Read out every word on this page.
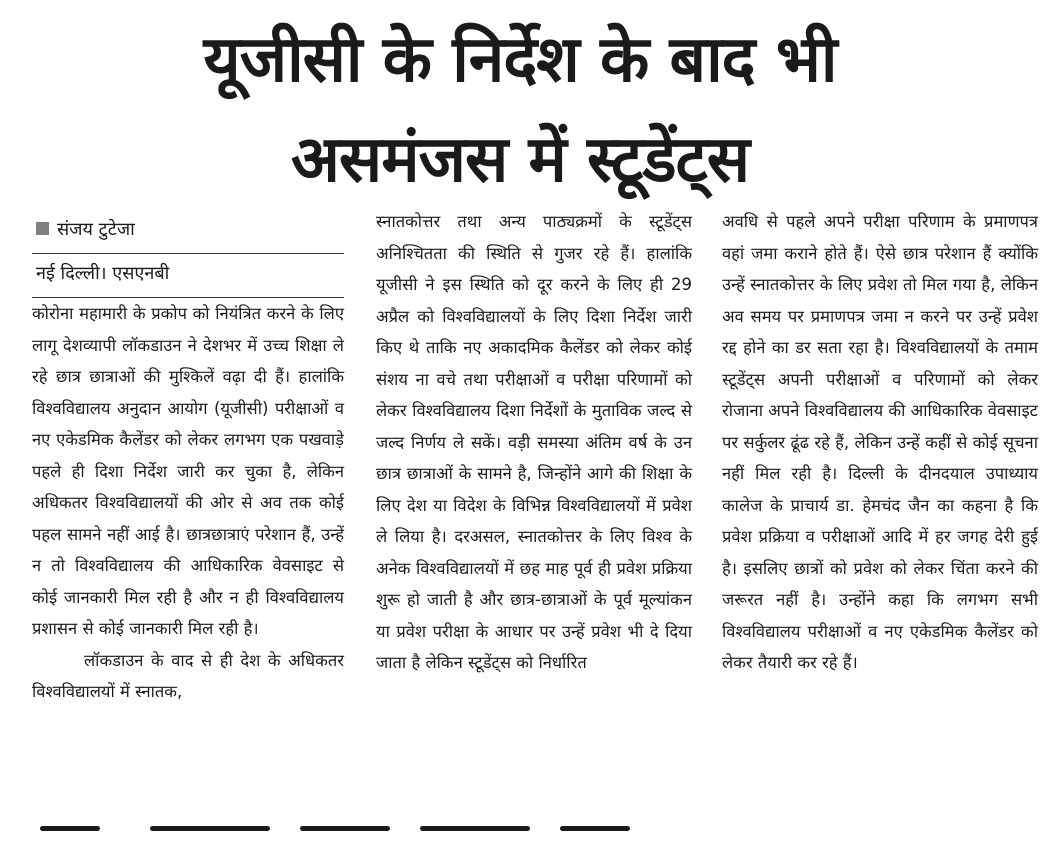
यूजीसी के निर्देश के बाद भी
असमंजस में स्टूडेंट्स
संजय टुटेजा
नई दिल्ली। एसएनबी

कोरोना महामारी के प्रकोप को नियंत्रित करने के लिए लागू देशव्यापी लॉकडाउन ने देशभर में उच्च शिक्षा ले रहे छात्र छात्राओं की मुश्किलें वढ़ा दी हैं। हालांकि विश्वविद्यालय अनुदान आयोग (यूजीसी) परीक्षाओं व नए एकेडमिक कैलेंडर को लेकर लगभग एक पखवाड़े पहले ही दिशा निर्देश जारी कर चुका है, लेकिन अधिकतर विश्वविद्यालयों की ओर से अव तक कोई पहल सामने नहीं आई है। छात्रछात्राएं परेशान हैं, उन्हें न तो विश्वविद्यालय की आधिकारिक वेवसाइट से कोई जानकारी मिल रही है और न ही विश्वविद्यालय प्रशासन से कोई जानकारी मिल रही है।

लॉकडाउन के वाद से ही देश के अधिकतर विश्वविद्यालयों में स्नातक,

स्नातकोत्तर तथा अन्य पाठ्यक्रमों के स्टूडेंट्स अनिश्चितता की स्थिति से गुजर रहे हैं। हालांकि यूजीसी ने इस स्थिति को दूर करने के लिए ही 29 अप्रैल को विश्वविद्यालयों के लिए दिशा निर्देश जारी किए थे ताकि नए अकादमिक कैलेंडर को लेकर कोई संशय ना वचे तथा परीक्षाओं व परीक्षा परिणामों को लेकर विश्वविद्यालय दिशा निर्देशों के मुताविक जल्द से जल्द निर्णय ले सकें। वड़ी समस्या अंतिम वर्ष के उन छात्र छात्राओं के सामने है, जिन्होंने आगे की शिक्षा के लिए देश या विदेश के विभिन्न विश्वविद्यालयों में प्रवेश ले लिया है। दरअसल, स्नातकोत्तर के लिए विश्व के अनेक विश्वविद्यालयों में छह माह पूर्व ही प्रवेश प्रक्रिया शुरू हो जाती है और छात्र-छात्राओं के पूर्व मूल्यांकन या प्रवेश परीक्षा के आधार पर उन्हें प्रवेश भी दे दिया जाता है लेकिन स्टूडेंट्स को निर्धारित

अवधि से पहले अपने परीक्षा परिणाम के प्रमाणपत्र वहां जमा कराने होते हैं। ऐसे छात्र परेशान हैं क्योंकि उन्हें स्नातकोत्तर के लिए प्रवेश तो मिल गया है, लेकिन अव समय पर प्रमाणपत्र जमा न करने पर उन्हें प्रवेश रद्द होने का डर सता रहा है। विश्वविद्यालयों के तमाम स्टूडेंट्स अपनी परीक्षाओं व परिणामों को लेकर रोजाना अपने विश्वविद्यालय की आधिकारिक वेवसाइट पर सर्कुलर ढूंढ रहे हैं, लेकिन उन्हें कहीं से कोई सूचना नहीं मिल रही है। दिल्ली के दीनदयाल उपाध्याय कालेज के प्राचार्य डा. हेमचंद जैन का कहना है कि प्रवेश प्रक्रिया व परीक्षाओं आदि में हर जगह देरी हुई है। इसलिए छात्रों को प्रवेश को लेकर चिंता करने की जरूरत नहीं है। उन्होंने कहा कि लगभग सभी विश्वविद्यालय परीक्षाओं व नए एकेडमिक कैलेंडर को लेकर तैयारी कर रहे हैं।
